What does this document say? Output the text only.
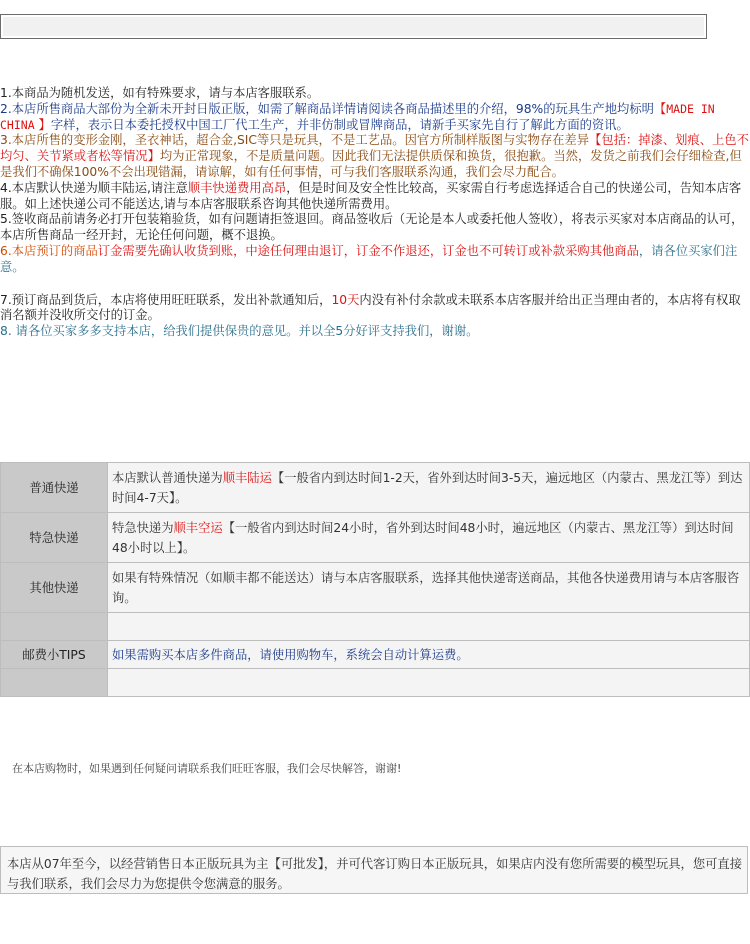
1.本商品为随机发送，如有特殊要求，请与本店客服联系。

2.本店所售商品大部份为全新未开封日版正版，如需了解商品详情请阅读各商品描述里的介绍，98%的玩具生产地均标明【MADE IN CHINA 】字样，表示日本委托授权中国工厂代工生产，并非仿制或冒牌商品，请新手买家先自行了解此方面的资讯。

3.本店所售的变形金刚，圣衣神话，超合金,SIC等只是玩具，不是工艺品。因官方所制样版图与实物存在差异【包括：掉漆、划痕、上色不均匀、关节紧或者松等情况】均为正常现象，不是质量问题。因此我们无法提供质保和换货，很抱歉。当然，发货之前我们会仔细检查,但是我们不确保100%不会出现错漏，请谅解，如有任何事情，可与我们客服联系沟通，我们会尽力配合。

4.本店默认快递为顺丰陆运,请注意顺丰快递费用高昂，但是时间及安全性比较高，买家需自行考虑选择适合自己的快递公司，告知本店客服。如上述快递公司不能送达,请与本店客服联系咨询其他快递所需费用。

5.签收商品前请务必打开包装箱验货，如有问题请拒签退回。商品签收后（无论是本人或委托他人签收），将表示买家对本店商品的认可，本店所售商品一经开封，无论任何问题，概不退换。

6.本店预订的商品订金需要先确认收货到账，中途任何理由退订，订金不作退还，订金也不可转订或补款采购其他商品，请各位买家们注意。

7.预订商品到货后，本店将使用旺旺联系，发出补款通知后，10天内没有补付余款或未联系本店客服并给出正当理由者的，本店将有权取消名额并没收所交付的订金。

8. 请各位买家多多支持本店，给我们提供保贵的意见。并以全5分好评支持我们，谢谢。

普通快递	本店默认普通快递为顺丰陆运【一般省内到达时间1-2天，省外到达时间3-5天，遍远地区（内蒙古、黑龙江等）到达时间4-7天】。
特急快递	特急快递为顺丰空运【一般省内到达时间24小时，省外到达时间48小时，遍远地区（内蒙古、黑龙江等）到达时间48小时以上】。
其他快递	如果有特殊情况（如顺丰都不能送达）请与本店客服联系，选择其他快递寄送商品，其他各快递费用请与本店客服咨询。

邮费小TIPS	如果需购买本店多件商品，请使用购物车，系统会自动计算运费。

在本店购物时，如果遇到任何疑问请联系我们旺旺客服，我们会尽快解答，谢谢!
本店从07年至今，以经营销售日本正版玩具为主【可批发】，并可代客订购日本正版玩具，如果店内没有您所需要的模型玩具，您可直接与我们联系，我们会尽力为您提供令您满意的服务。
